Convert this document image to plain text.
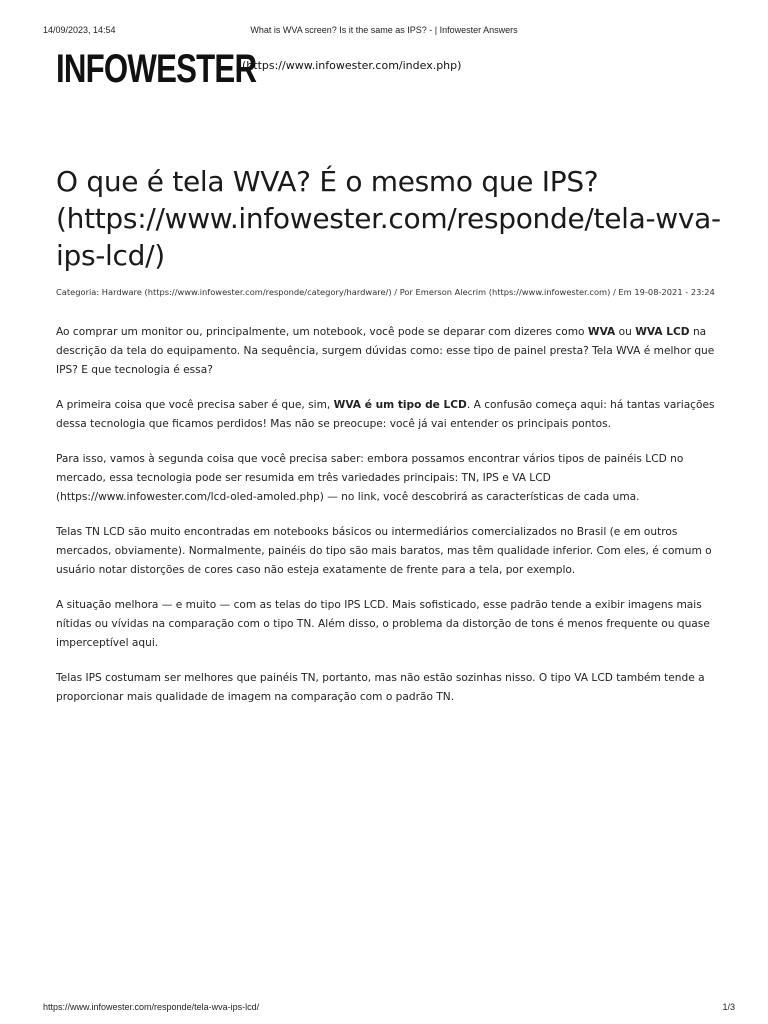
14/09/2023, 14:54	What is WVA screen? Is it the same as IPS? - | Infowester Answers
INFOWESTER
(https://www.infowester.com/index.php)
O que é tela WVA? É o mesmo que IPS? (https://www.infowester.com/responde/tela-wva-ips-lcd/)
Categoria: Hardware (https://www.infowester.com/responde/category/hardware/) / Por Emerson Alecrim (https://www.infowester.com) / Em 19-08-2021 - 23:24

Ao comprar um monitor ou, principalmente, um notebook, você pode se deparar com dizeres como WVA ou WVA LCD na descrição da tela do equipamento. Na sequência, surgem dúvidas como: esse tipo de painel presta? Tela WVA é melhor que IPS? E que tecnologia é essa?

A primeira coisa que você precisa saber é que, sim, WVA é um tipo de LCD. A confusão começa aqui: há tantas variações dessa tecnologia que ficamos perdidos! Mas não se preocupe: você já vai entender os principais pontos.

Para isso, vamos à segunda coisa que você precisa saber: embora possamos encontrar vários tipos de painéis LCD no mercado, essa tecnologia pode ser resumida em três variedades principais: TN, IPS e VA LCD (https://www.infowester.com/lcd-oled-amoled.php) — no link, você descobrirá as características de cada uma.

Telas TN LCD são muito encontradas em notebooks básicos ou intermediários comercializados no Brasil (e em outros mercados, obviamente). Normalmente, painéis do tipo são mais baratos, mas têm qualidade inferior. Com eles, é comum o usuário notar distorções de cores caso não esteja exatamente de frente para a tela, por exemplo.

A situação melhora — e muito — com as telas do tipo IPS LCD. Mais sofisticado, esse padrão tende a exibir imagens mais nítidas ou vívidas na comparação com o tipo TN. Além disso, o problema da distorção de tons é menos frequente ou quase imperceptível aqui.

Telas IPS costumam ser melhores que painéis TN, portanto, mas não estão sozinhas nisso. O tipo VA LCD também tende a proporcionar mais qualidade de imagem na comparação com o padrão TN.

https://www.infowester.com/responde/tela-wva-ips-lcd/	1/3
